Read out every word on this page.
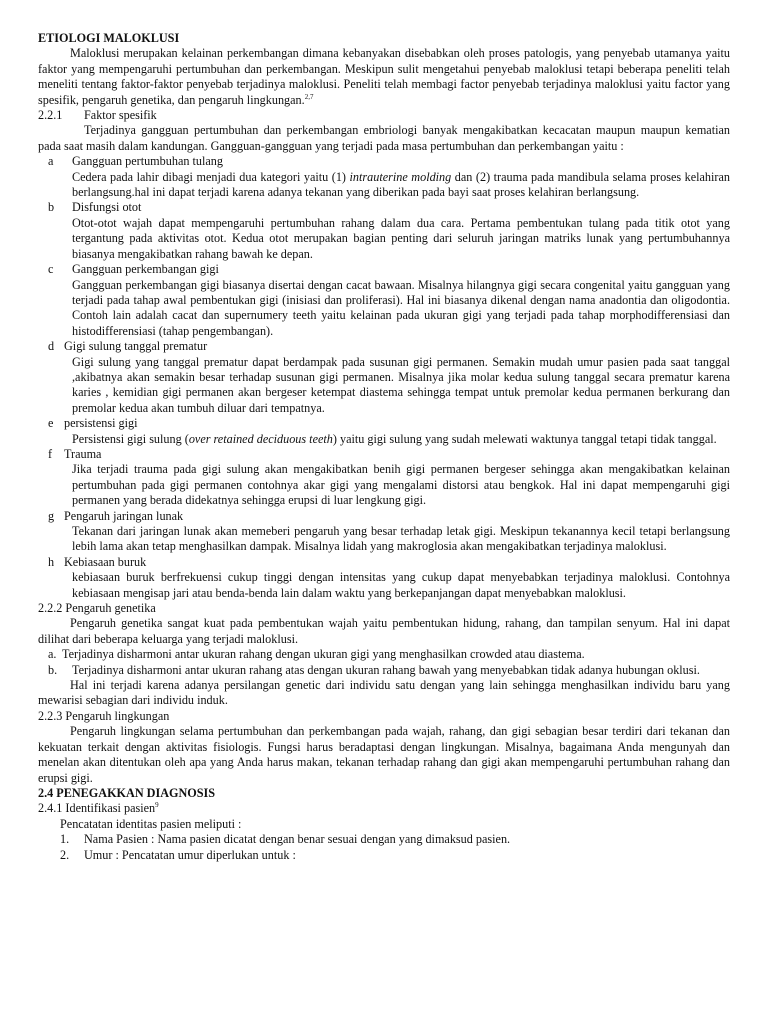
ETIOLOGI MALOKLUSI

Maloklusi merupakan kelainan perkembangan dimana kebanyakan disebabkan oleh proses patologis, yang penyebab utamanya yaitu faktor yang mempengaruhi pertumbuhan dan perkembangan. Meskipun sulit mengetahui penyebab maloklusi tetapi beberapa peneliti telah meneliti tentang faktor-faktor penyebab terjadinya maloklusi. Peneliti telah membagi factor penyebab terjadinya maloklusi yaitu factor yang spesifik, pengaruh genetika, dan pengaruh lingkungan.$^{2,7}$

2.2.1	Faktor spesifik

Terjadinya gangguan pertumbuhan dan perkembangan embriologi banyak mengakibatkan kecacatan maupun maupun kematian pada saat masih dalam kandungan. Gangguan-gangguan yang terjadi pada masa pertumbuhan dan perkembangan yaitu :

a	Gangguan pertumbuhan tulang

Cedera pada lahir dibagi menjadi dua kategori yaitu (1) intrauterine molding dan (2) trauma pada mandibula selama proses kelahiran berlangsung.hal ini dapat terjadi karena adanya tekanan yang diberikan pada bayi saat proses kelahiran berlangsung.

b	Disfungsi otot

Otot-otot wajah dapat mempengaruhi pertumbuhan rahang dalam dua cara. Pertama pembentukan tulang pada titik otot yang tergantung pada aktivitas otot. Kedua otot merupakan bagian penting dari seluruh jaringan matriks lunak yang pertumbuhannya biasanya mengakibatkan rahang bawah ke depan.

c	Gangguan perkembangan gigi

Gangguan perkembangan gigi biasanya disertai dengan cacat bawaan. Misalnya hilangnya gigi secara congenital yaitu gangguan yang terjadi pada tahap awal pembentukan gigi (inisiasi dan proliferasi). Hal ini biasanya dikenal dengan nama anadontia dan oligodontia. Contoh lain adalah cacat dan supernumery teeth yaitu kelainan pada ukuran gigi yang terjadi pada tahap morphodifferensiasi dan histodifferensiasi (tahap pengembangan).

d Gigi sulung tanggal prematur

Gigi sulung yang tanggal prematur dapat berdampak pada susunan gigi permanen. Semakin mudah umur pasien pada saat tanggal ,akibatnya akan semakin besar terhadap susunan gigi permanen. Misalnya jika molar kedua sulung tanggal secara prematur karena karies , kemidian gigi permanen akan bergeser ketempat diastema sehingga tempat untuk premolar kedua permanen berkurang dan premolar kedua akan tumbuh diluar dari tempatnya.

e persistensi gigi

Persistensi gigi sulung (over retained deciduous teeth) yaitu gigi sulung yang sudah melewati waktunya tanggal tetapi tidak tanggal.

f Trauma

Jika terjadi trauma pada gigi sulung akan mengakibatkan benih gigi permanen bergeser sehingga akan mengakibatkan kelainan pertumbuhan pada gigi permanen contohnya akar gigi yang mengalami distorsi atau bengkok. Hal ini dapat mempengaruhi gigi permanen yang berada didekatnya sehingga erupsi di luar lengkung gigi.

g Pengaruh jaringan lunak

Tekanan dari jaringan lunak akan memeberi pengaruh yang besar terhadap letak gigi. Meskipun tekanannya kecil tetapi berlangsung lebih lama akan tetap menghasilkan dampak. Misalnya lidah yang makroglosia akan mengakibatkan terjadinya maloklusi.

h Kebiasaan buruk

kebiasaan buruk berfrekuensi cukup tinggi dengan intensitas yang cukup dapat menyebabkan terjadinya maloklusi. Contohnya kebiasaan mengisap jari atau benda-benda lain dalam waktu yang berkepanjangan dapat menyebabkan maloklusi.

2.2.2 Pengaruh genetika

Pengaruh genetika sangat kuat pada pembentukan wajah yaitu pembentukan hidung, rahang, dan tampilan senyum. Hal ini dapat dilihat dari beberapa keluarga yang terjadi maloklusi.

a. Terjadinya disharmoni antar ukuran rahang dengan ukuran gigi yang menghasilkan crowded atau diastema.
b.	Terjadinya disharmoni antar ukuran rahang atas dengan ukuran rahang bawah yang menyebabkan tidak adanya hubungan oklusi.

Hal ini terjadi karena adanya persilangan genetic dari individu satu dengan yang lain sehingga menghasilkan individu baru yang mewarisi sebagian dari individu induk.

2.2.3 Pengaruh lingkungan

Pengaruh lingkungan selama pertumbuhan dan perkembangan pada wajah, rahang, dan gigi sebagian besar terdiri dari tekanan dan kekuatan terkait dengan aktivitas fisiologis. Fungsi harus beradaptasi dengan lingkungan. Misalnya, bagaimana Anda mengunyah dan menelan akan ditentukan oleh apa yang Anda harus makan, tekanan terhadap rahang dan gigi akan mempengaruhi pertumbuhan rahang dan erupsi gigi.

2.4 PENEGAKKAN DIAGNOSIS

2.4.1 Identifikasi pasien$^9$

Pencatatan identitas pasien meliputi :

1.	Nama Pasien : Nama pasien dicatat dengan benar sesuai dengan yang dimaksud pasien.
2.	Umur : Pencatatan umur diperlukan untuk :
